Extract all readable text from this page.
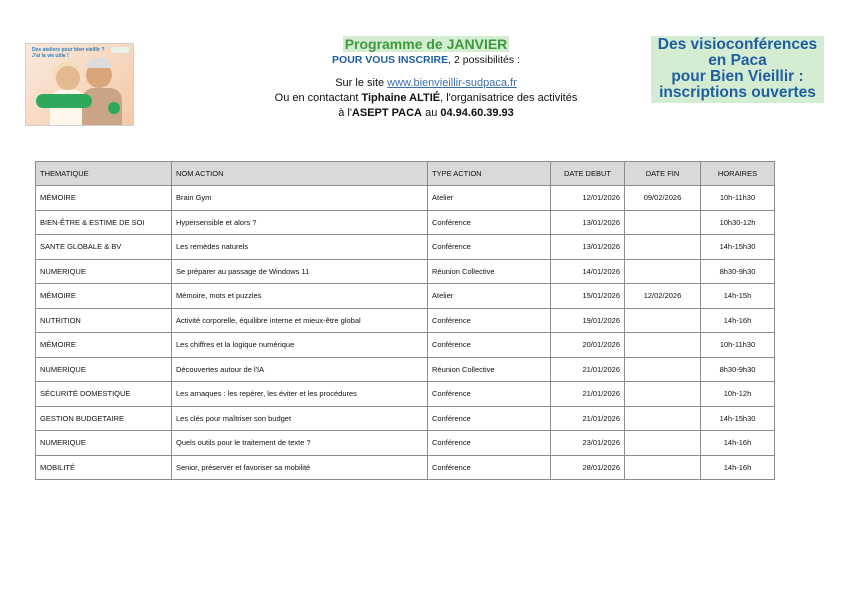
Des ateliers pour bien vieillir ?
J'ai la vie utile !
Des visioconférences
en Paca
pour Bien Vieillir :
inscriptions ouvertes
Programme de JANVIER
POUR VOUS INSCRIRE, 2 possibilités :
Sur le site www.bienvieillir-sudpaca.fr
Ou en contactant Tiphaine ALTIÉ, l'organisatrice des activités
à l'ASEPT PACA au 04.94.60.39.93
THEMATIQUE	NOM ACTION	TYPE ACTION	DATE DEBUT	DATE FIN	HORAIRES
MÉMOIRE	Brain Gym	Atelier	12/01/2026	09/02/2026	10h-11h30
BIEN-ÊTRE & ESTIME DE SOI	Hypersensible et alors ?	Conférence	13/01/2026		10h30-12h
SANTE GLOBALE & BV	Les remèdes naturels	Conférence	13/01/2026		14h-15h30
NUMERIQUE	Se préparer au passage de Windows 11	Réunion Collective	14/01/2026		8h30-9h30
MÉMOIRE	Mémoire, mots et puzzles	Atelier	15/01/2026	12/02/2026	14h-15h
NUTRITION	Activité corporelle, équilibre interne et mieux-être global	Conférence	19/01/2026		14h-16h
MÉMOIRE	Les chiffres et la logique numérique	Conférence	20/01/2026		10h-11h30
NUMERIQUE	Découvertes autour de l'IA	Réunion Collective	21/01/2026		8h30-9h30
SÉCURITÉ DOMESTIQUE	Les arnaques : les repérer, les éviter et les procédures	Conférence	21/01/2026		10h-12h
GESTION BUDGETAIRE	Les clés pour maîtriser son budget	Conférence	21/01/2026		14h-15h30
NUMERIQUE	Quels outils pour le traitement de texte ?	Conférence	23/01/2026		14h-16h
MOBILITÉ	Senior, préserver et favoriser sa mobilité	Conférence	28/01/2026		14h-16h
